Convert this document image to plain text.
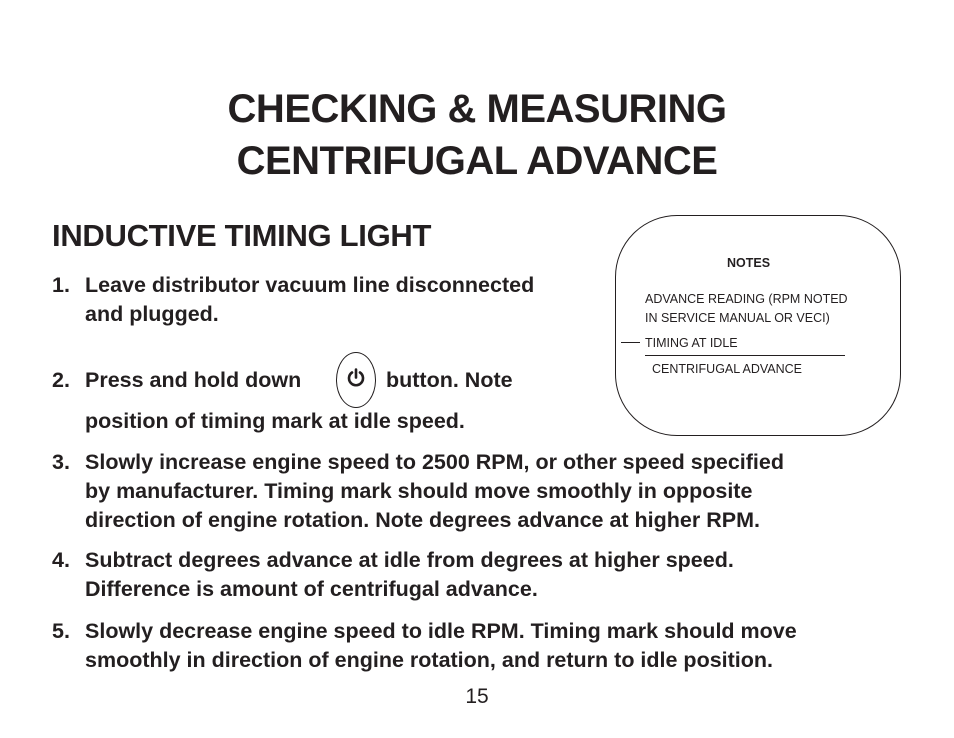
CHECKING & MEASURING
CENTRIFUGAL ADVANCE
INDUCTIVE TIMING LIGHT
1. Leave distributor vacuum line disconnected
and plugged.
2. Press and hold down	button. Note
position of timing mark at idle speed.
3. Slowly increase engine speed to 2500 RPM, or other speed specified
by manufacturer. Timing mark should move smoothly in opposite
direction of engine rotation. Note degrees advance at higher RPM.
4. Subtract degrees advance at idle from degrees at higher speed.
Difference is amount of centrifugal advance.
5. Slowly decrease engine speed to idle RPM. Timing mark should move
smoothly in direction of engine rotation, and return to idle position.
NOTES
ADVANCE READING (RPM NOTED
IN SERVICE MANUAL OR VECI)
TIMING AT IDLE
CENTRIFUGAL ADVANCE
15
